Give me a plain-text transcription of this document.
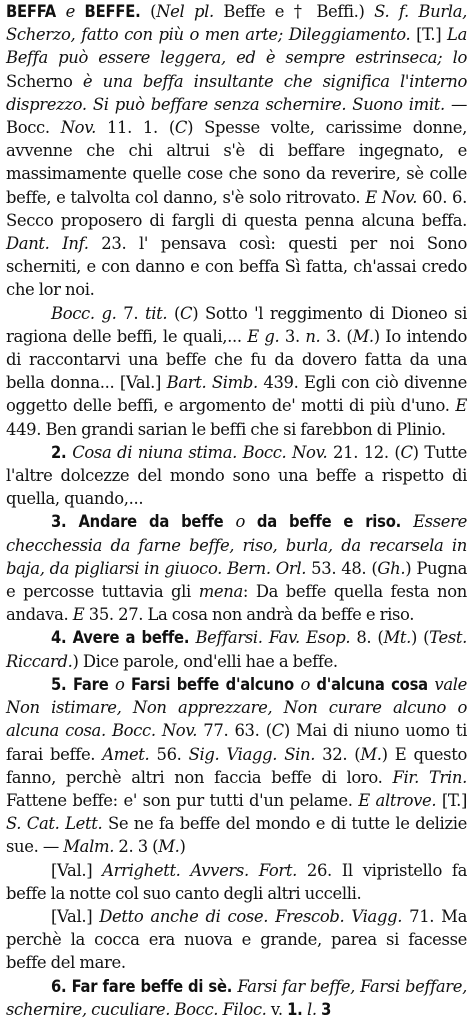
BEFFA e BEFFE. (Nel pl. Beffe e † Beffi.) S. f. Burla, Scherzo, fatto con più o men arte; Dileggiamento. [T.] La Beffa può essere leggera, ed è sempre estrinseca; lo Scherno è una beffa insultante che significa l'interno disprezzo. Si può beffare senza schernire. Suono imit. — Bocc. Nov. 11. 1. (C) Spesse volte, carissime donne, avvenne che chi altrui s'è di beffare ingegnato, e massimamente quelle cose che sono da reverire, sè colle beffe, e talvolta col danno, s'è solo ritrovato. E Nov. 60. 6. Secco proposero di fargli di questa penna alcuna beffa. Dant. Inf. 23. l' pensava così: questi per noi Sono scherniti, e con danno e con beffa Sì fatta, ch'assai credo che lor noi.

Bocc. g. 7. tit. (C) Sotto 'l reggimento di Dioneo si ragiona delle beffi, le quali,... E g. 3. n. 3. (M.) Io intendo di raccontarvi una beffe che fu da dovero fatta da una bella donna... [Val.] Bart. Simb. 439. Egli con ciò divenne oggetto delle beffi, e argomento de' motti di più d'uno. E 449. Ben grandi sarian le beffi che si farebbon di Plinio.

2. Cosa di niuna stima. Bocc. Nov. 21. 12. (C) Tutte l'altre dolcezze del mondo sono una beffe a rispetto di quella, quando,...

3. Andare da beffe o da beffe e riso. Essere checchessia da farne beffe, riso, burla, da recarsela in baja, da pigliarsi in giuoco. Bern. Orl. 53. 48. (Gh.) Pugna e percosse tuttavia gli mena: Da beffe quella festa non andava. E 35. 27. La cosa non andrà da beffe e riso.

4. Avere a beffe. Beffarsi. Fav. Esop. 8. (Mt.) (Test. Riccard.) Dice parole, ond'elli hae a beffe.

5. Fare o Farsi beffe d'alcuno o d'alcuna cosa vale Non istimare, Non apprezzare, Non curare alcuno o alcuna cosa. Bocc. Nov. 77. 63. (C) Mai di niuno uomo ti farai beffe. Amet. 56. Sig. Viagg. Sin. 32. (M.) E questo fanno, perchè altri non faccia beffe di loro. Fir. Trin. Fattene beffe: e' son pur tutti d'un pelame. E altrove. [T.] S. Cat. Lett. Se ne fa beffe del mondo e di tutte le delizie sue. — Malm. 2. 3 (M.)

[Val.] Arrighett. Avvers. Fort. 26. Il vipristello fa beffe la notte col suo canto degli altri uccelli.

[Val.] Detto anche di cose. Frescob. Viagg. 71. Ma perchè la cocca era nuova e grande, parea si facesse beffe del mare.

6. Far fare beffe di sè. Farsi far beffe, Farsi beffare, schernire, cuculiare. Bocc. Filoc. v. 1. l. 3
